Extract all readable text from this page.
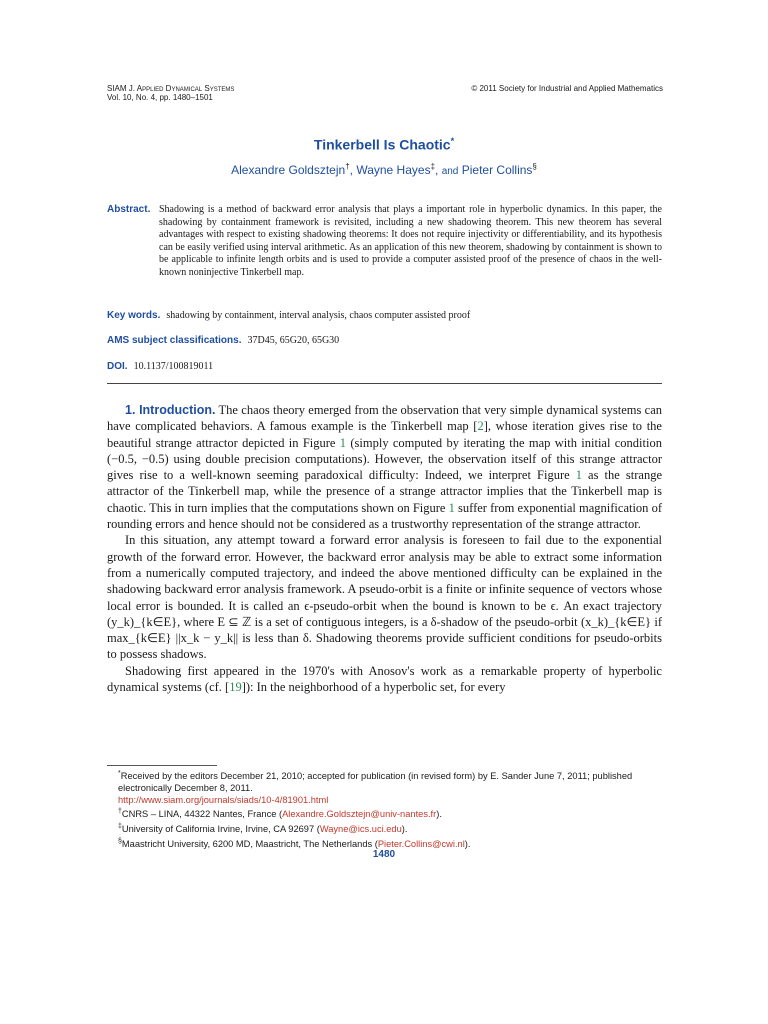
SIAM J. Applied Dynamical Systems
Vol. 10, No. 4, pp. 1480–1501
© 2011 Society for Industrial and Applied Mathematics
Tinkerbell Is Chaotic*
Alexandre Goldsztejn†, Wayne Hayes‡, and Pieter Collins§
Abstract. Shadowing is a method of backward error analysis that plays a important role in hyperbolic dynamics. In this paper, the shadowing by containment framework is revisited, including a new shadowing theorem. This new theorem has several advantages with respect to existing shadowing theorems: It does not require injectivity or differentiability, and its hypothesis can be easily verified using interval arithmetic. As an application of this new theorem, shadowing by containment is shown to be applicable to infinite length orbits and is used to provide a computer assisted proof of the presence of chaos in the well-known noninjective Tinkerbell map.
Key words. shadowing by containment, interval analysis, chaos computer assisted proof
AMS subject classifications. 37D45, 65G20, 65G30
DOI. 10.1137/100819011

1. Introduction. The chaos theory emerged from the observation that very simple dynamical systems can have complicated behaviors. A famous example is the Tinkerbell map [2], whose iteration gives rise to the beautiful strange attractor depicted in Figure 1 (simply computed by iterating the map with initial condition (−0.5, −0.5) using double precision computations). However, the observation itself of this strange attractor gives rise to a well-known seeming paradoxical difficulty: Indeed, we interpret Figure 1 as the strange attractor of the Tinkerbell map, while the presence of a strange attractor implies that the Tinkerbell map is chaotic. This in turn implies that the computations shown on Figure 1 suffer from exponential magnification of rounding errors and hence should not be considered as a trustworthy representation of the strange attractor.

In this situation, any attempt toward a forward error analysis is foreseen to fail due to the exponential growth of the forward error. However, the backward error analysis may be able to extract some information from a numerically computed trajectory, and indeed the above mentioned difficulty can be explained in the shadowing backward error analysis framework. A pseudo-orbit is a finite or infinite sequence of vectors whose local error is bounded. It is called an ϵ-pseudo-orbit when the bound is known to be ϵ. An exact trajectory (y_k)_{k∈E}, where E ⊆ ℤ is a set of contiguous integers, is a δ-shadow of the pseudo-orbit (x_k)_{k∈E} if max_{k∈E} ||x_k − y_k|| is less than δ. Shadowing theorems provide sufficient conditions for pseudo-orbits to possess shadows.

Shadowing first appeared in the 1970's with Anosov's work as a remarkable property of hyperbolic dynamical systems (cf. [19]): In the neighborhood of a hyperbolic set, for every

*Received by the editors December 21, 2010; accepted for publication (in revised form) by E. Sander June 7, 2011; published electronically December 8, 2011.

http://www.siam.org/journals/siads/10-4/81901.html

†CNRS – LINA, 44322 Nantes, France (Alexandre.Goldsztejn@univ-nantes.fr).

‡University of California Irvine, Irvine, CA 92697 (Wayne@ics.uci.edu).

§Maastricht University, 6200 MD, Maastricht, The Netherlands (Pieter.Collins@cwi.nl).

1480
